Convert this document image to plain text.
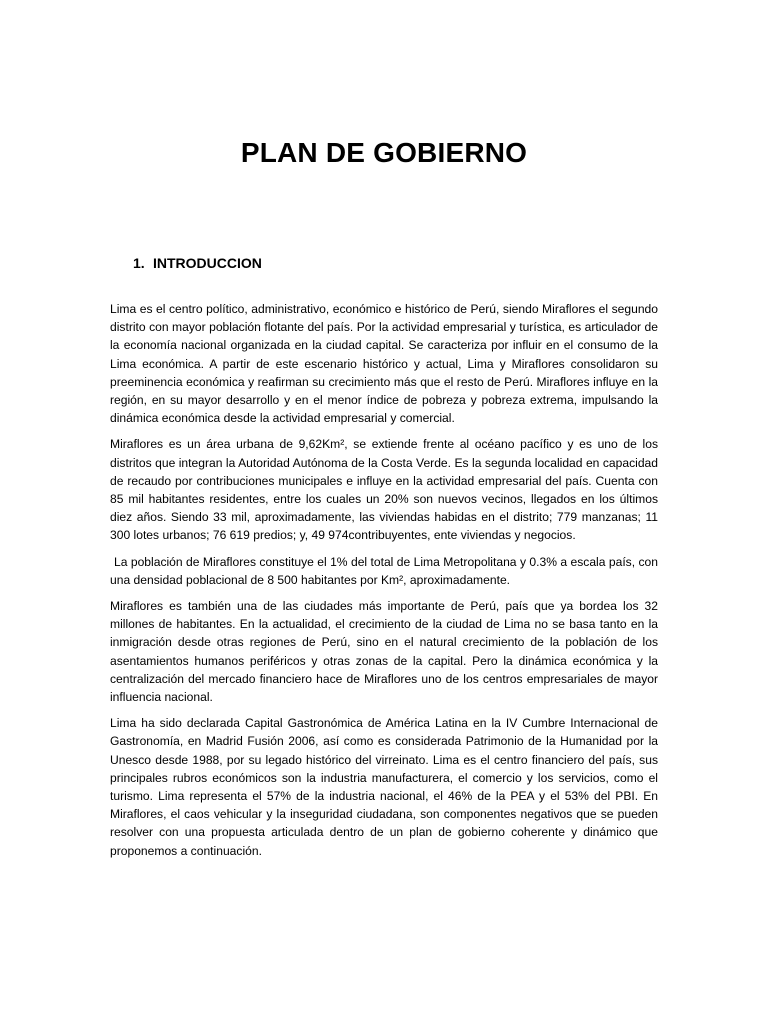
PLAN DE GOBIERNO
1. INTRODUCCION

Lima es el centro político, administrativo, económico e histórico de Perú, siendo Miraflores el segundo distrito con mayor población flotante del país. Por la actividad empresarial y turística, es articulador de la economía nacional organizada en la ciudad capital. Se caracteriza por influir en el consumo de la Lima económica. A partir de este escenario histórico y actual, Lima y Miraflores consolidaron su preeminencia económica y reafirman su crecimiento más que el resto de Perú. Miraflores influye en la región, en su mayor desarrollo y en el menor índice de pobreza y pobreza extrema, impulsando la dinámica económica desde la actividad empresarial y comercial.

Miraflores es un área urbana de 9,62Km², se extiende frente al océano pacífico y es uno de los distritos que integran la Autoridad Autónoma de la Costa Verde. Es la segunda localidad en capacidad de recaudo por contribuciones municipales e influye en la actividad empresarial del país. Cuenta con 85 mil habitantes residentes, entre los cuales un 20% son nuevos vecinos, llegados en los últimos diez años. Siendo 33 mil, aproximadamente, las viviendas habidas en el distrito; 779 manzanas; 11 300 lotes urbanos; 76 619 predios; y, 49 974contribuyentes, ente viviendas y negocios.

La población de Miraflores constituye el 1% del total de Lima Metropolitana y 0.3% a escala país, con una densidad poblacional de 8 500 habitantes por Km², aproximadamente.

Miraflores es también una de las ciudades más importante de Perú, país que ya bordea los 32 millones de habitantes. En la actualidad, el crecimiento de la ciudad de Lima no se basa tanto en la inmigración desde otras regiones de Perú, sino en el natural crecimiento de la población de los asentamientos humanos periféricos y otras zonas de la capital. Pero la dinámica económica y la centralización del mercado financiero hace de Miraflores uno de los centros empresariales de mayor influencia nacional.

Lima ha sido declarada Capital Gastronómica de América Latina en la IV Cumbre Internacional de Gastronomía, en Madrid Fusión 2006, así como es considerada Patrimonio de la Humanidad por la Unesco desde 1988, por su legado histórico del virreinato. Lima es el centro financiero del país, sus principales rubros económicos son la industria manufacturera, el comercio y los servicios, como el turismo. Lima representa el 57% de la industria nacional, el 46% de la PEA y el 53% del PBI. En Miraflores, el caos vehicular y la inseguridad ciudadana, son componentes negativos que se pueden resolver con una propuesta articulada dentro de un plan de gobierno coherente y dinámico que proponemos a continuación.
